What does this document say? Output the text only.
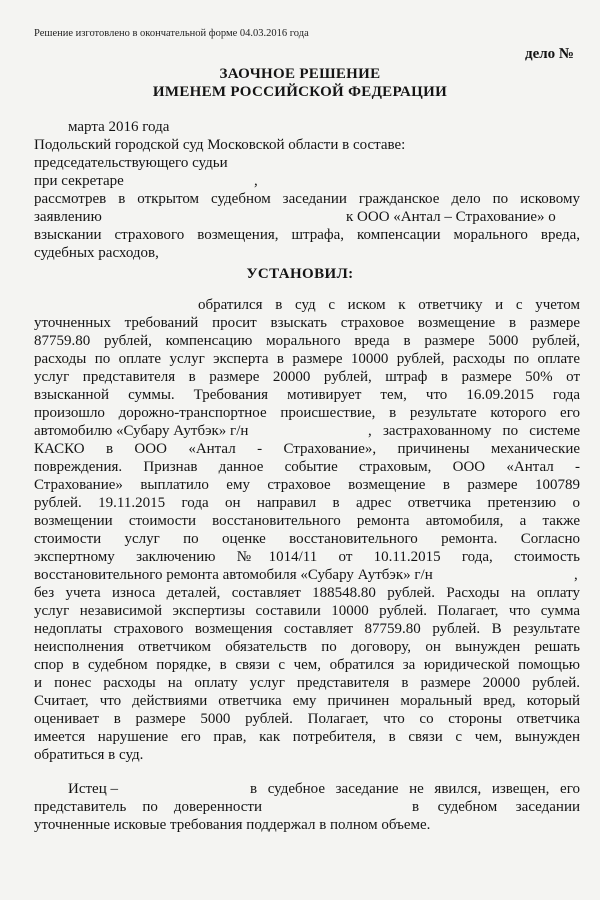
Решение изготовлено в окончательной форме 04.03.2016 года
дело №
ЗАОЧНОЕ РЕШЕНИЕ
ИМЕНЕМ РОССИЙСКОЙ ФЕДЕРАЦИИ
марта 2016 года
Подольский городской суд Московской области в составе:
председательствующего судьи
при секретаре	,
рассмотрев в открытом судебном заседании гражданское дело по исковому
заявлению	к ООО «Антал – Страхование» о
взыскании страхового возмещения, штрафа, компенсации морального вреда,
судебных расходов,
УСТАНОВИЛ:
обратился в суд с иском к ответчику и с учетом
уточненных требований просит взыскать страховое возмещение в размере
87759.80 рублей, компенсацию морального вреда в размере 5000 рублей,
расходы по оплате услуг эксперта в размере 10000 рублей, расходы по оплате
услуг представителя в размере 20000 рублей, штраф в размере 50% от
взысканной суммы. Требования мотивирует тем, что 16.09.2015 года
произошло дорожно-транспортное происшествие, в результате которого его
автомобилю «Субару Аутбэк» г/н	, застрахованному по системе
КАСКО в ООО «Антал - Страхование», причинены механические
повреждения. Признав данное событие страховым, ООО «Антал -
Страхование» выплатило ему страховое возмещение в размере 100789
рублей. 19.11.2015 года он направил в адрес ответчика претензию о
возмещении стоимости восстановительного ремонта автомобиля, а также
стоимости услуг по оценке восстановительного ремонта. Согласно
экспертному заключению №1014/11 от 10.11.2015 года, стоимость
восстановительного ремонта автомобиля «Субару Аутбэк» г/н	,
без учета износа деталей, составляет 188548.80 рублей. Расходы на оплату
услуг независимой экспертизы составили 10000 рублей. Полагает, что сумма
недоплаты страхового возмещения составляет 87759.80 рублей. В результате
неисполнения ответчиком обязательств по договору, он вынужден решать
спор в судебном порядке, в связи с чем, обратился за юридической помощью
и понес расходы на оплату услуг представителя в размере 20000 рублей.
Считает, что действиями ответчика ему причинен моральный вред, который
оценивает в размере 5000 рублей. Полагает, что со стороны ответчика
имеется нарушение его прав, как потребителя, в связи с чем, вынужден
обратиться в суд.
Истец –	в судебное заседание не явился, извещен, его
представитель по доверенности	в судебном заседании
уточненные исковые требования поддержал в полном объеме.
